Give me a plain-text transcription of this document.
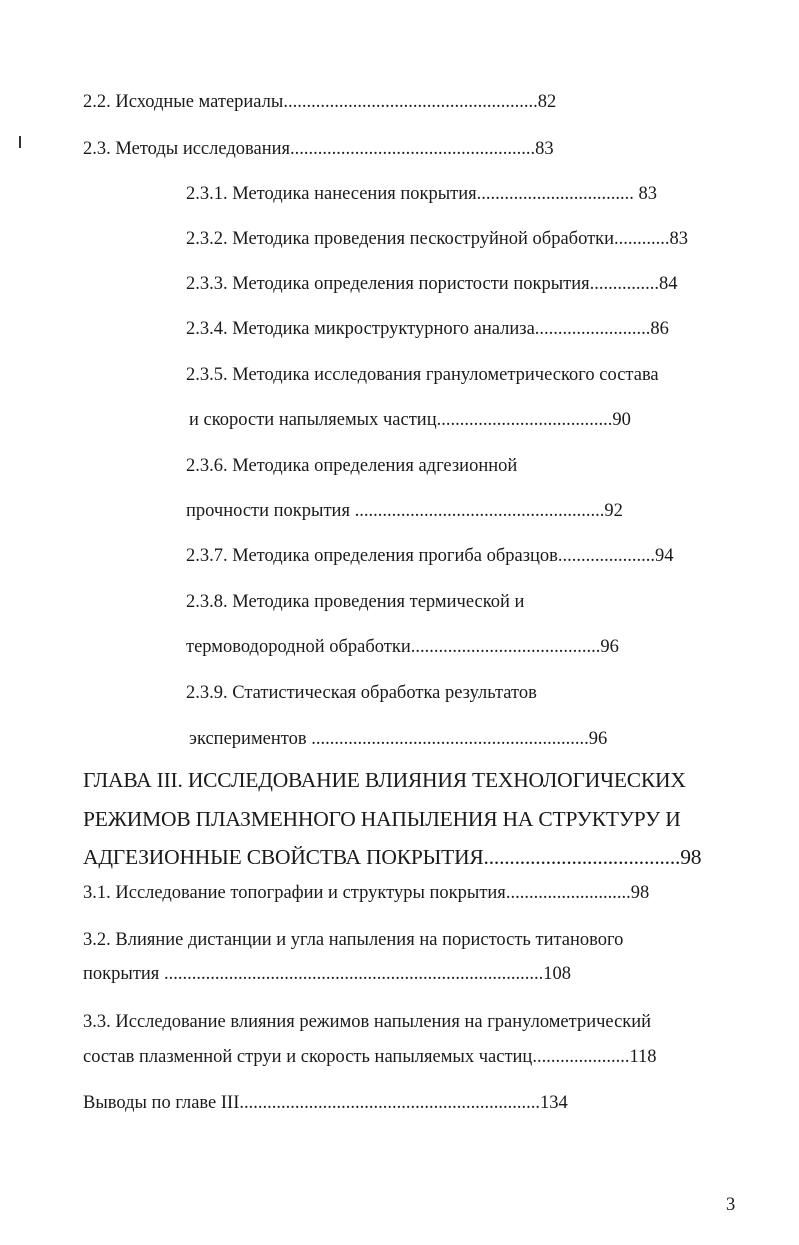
2.2. Исходные материалы.......................................................82
2.3. Методы исследования.....................................................83
2.3.1. Методика нанесения покрытия.................................. 83
2.3.2. Методика проведения пескоструйной обработки............83
2.3.3. Методика определения пористости покрытия...............84
2.3.4. Методика микроструктурного анализа.........................86
2.3.5. Методика исследования гранулометрического состава
и скорости напыляемых частиц......................................90
2.3.6. Методика определения адгезионной
прочности покрытия ......................................................92
2.3.7. Методика определения прогиба образцов.....................94
2.3.8. Методика проведения термической и
термоводородной обработки.........................................96
2.3.9. Статистическая обработка результатов
экспериментов ............................................................96
ГЛАВА III. ИССЛЕДОВАНИЕ ВЛИЯНИЯ ТЕХНОЛОГИЧЕСКИХ
РЕЖИМОВ ПЛАЗМЕННОГО НАПЫЛЕНИЯ НА СТРУКТУРУ И
АДГЕЗИОННЫЕ СВОЙСТВА ПОКРЫТИЯ......................................98
3.1. Исследование топографии и структуры покрытия...........................98
3.2. Влияние дистанции и угла напыления на пористость титанового
покрытия ..................................................................................108
3.3. Исследование влияния режимов напыления на гранулометрический
состав плазменной струи и скорость напыляемых частиц.....................118
Выводы по главе III.................................................................134
3
